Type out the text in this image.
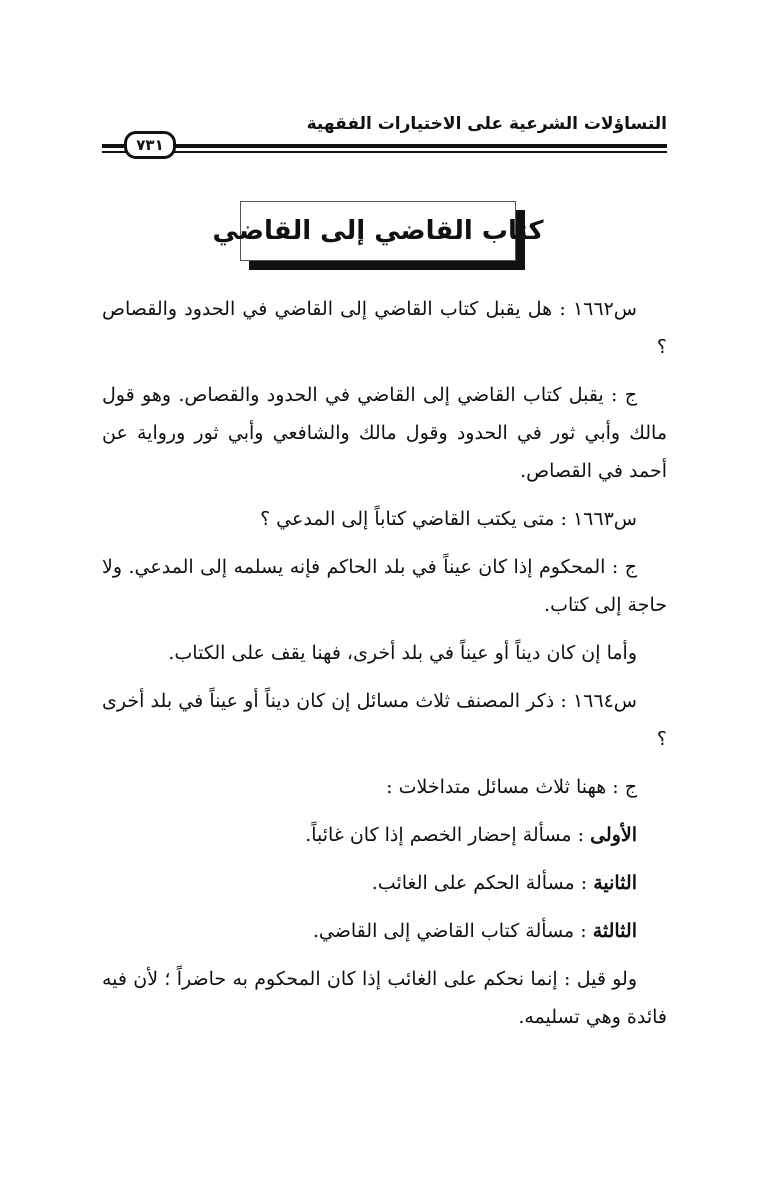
التساؤلات الشرعية على الاختيارات الفقهية
٧٣١
كتاب القاضي إلى القاضي

س١٦٦٢ : هل يقبل كتاب القاضي إلى القاضي في الحدود والقصاص ؟

ج : يقبل كتاب القاضي إلى القاضي في الحدود والقصاص. وهو قول مالك وأبي ثور في الحدود وقول مالك والشافعي وأبي ثور ورواية عن أحمد في القصاص.

س١٦٦٣ : متى يكتب القاضي كتاباً إلى المدعي ؟

ج : المحكوم إذا كان عيناً في بلد الحاكم فإنه يسلمه إلى المدعي. ولا حاجة إلى كتاب.

وأما إن كان ديناً أو عيناً في بلد أخرى، فهنا يقف على الكتاب.

س١٦٦٤ : ذكر المصنف ثلاث مسائل إن كان ديناً أو عيناً في بلد أخرى ؟

ج : ههنا ثلاث مسائل متداخلات :

الأولى : مسألة إحضار الخصم إذا كان غائباً.

الثانية : مسألة الحكم على الغائب.

الثالثة : مسألة كتاب القاضي إلى القاضي.

ولو قيل : إنما نحكم على الغائب إذا كان المحكوم به حاضراً ؛ لأن فيه فائدة وهي تسليمه.
